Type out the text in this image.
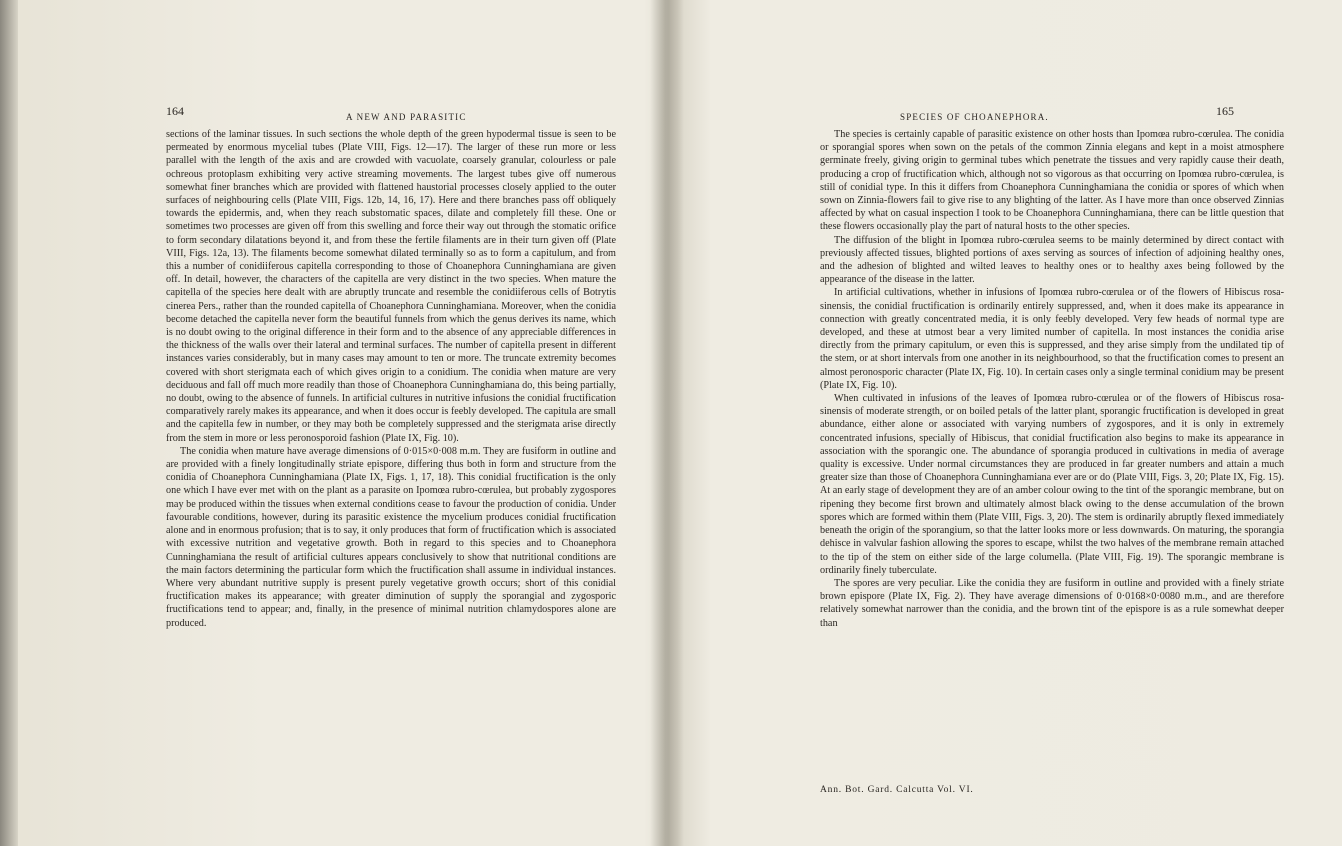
164	A NEW AND PARASITIC

sections of the laminar tissues. In such sections the whole depth of the green hypodermal tissue is seen to be permeated by enormous mycelial tubes (Plate VIII, Figs. 12—17). The larger of these run more or less parallel with the length of the axis and are crowded with vacuolate, coarsely granular, colourless or pale ochreous protoplasm exhibiting very active streaming movements. The largest tubes give off numerous somewhat finer branches which are provided with flattened haustorial processes closely applied to the outer surfaces of neighbouring cells (Plate VIII, Figs. 12b, 14, 16, 17). Here and there branches pass off obliquely towards the epidermis, and, when they reach substomatic spaces, dilate and completely fill these. One or sometimes two processes are given off from this swelling and force their way out through the stomatic orifice to form secondary dilatations beyond it, and from these the fertile filaments are in their turn given off (Plate VIII, Figs. 12a, 13). The filaments become somewhat dilated terminally so as to form a capitulum, and from this a number of conidiiferous capitella corresponding to those of Choanephora Cunninghamiana are given off. In detail, however, the characters of the capitella are very distinct in the two species. When mature the capitella of the species here dealt with are abruptly truncate and resemble the conidiiferous cells of Botrytis cinerea Pers., rather than the rounded capitella of Choanephora Cunninghamiana. Moreover, when the conidia become detached the capitella never form the beautiful funnels from which the genus derives its name, which is no doubt owing to the original difference in their form and to the absence of any appreciable differences in the thickness of the walls over their lateral and terminal surfaces. The number of capitella present in different instances varies considerably, but in many cases may amount to ten or more. The truncate extremity becomes covered with short sterigmata each of which gives origin to a conidium. The conidia when mature are very deciduous and fall off much more readily than those of Choanephora Cunninghamiana do, this being partially, no doubt, owing to the absence of funnels. In artificial cultures in nutritive infusions the conidial fructification comparatively rarely makes its appearance, and when it does occur is feebly developed. The capitula are small and the capitella few in number, or they may both be completely suppressed and the sterigmata arise directly from the stem in more or less peronosporoid fashion (Plate IX, Fig. 10).

The conidia when mature have average dimensions of 0·015×0·008 m.m. They are fusiform in outline and are provided with a finely longitudinally striate epispore, differing thus both in form and structure from the conidia of Choanephora Cunninghamiana (Plate IX, Figs. 1, 17, 18). This conidial fructification is the only one which I have ever met with on the plant as a parasite on Ipomœa rubro-cœrulea, but probably zygospores may be produced within the tissues when external conditions cease to favour the production of conidia. Under favourable conditions, however, during its parasitic existence the mycelium produces conidial fructification alone and in enormous profusion; that is to say, it only produces that form of fructification which is associated with excessive nutrition and vegetative growth. Both in regard to this species and to Choanephora Cunninghamiana the result of artificial cultures appears conclusively to show that nutritional conditions are the main factors determining the particular form which the fructification shall assume in individual instances. Where very abundant nutritive supply is present purely vegetative growth occurs; short of this conidial fructification makes its appearance; with greater diminution of supply the sporangial and zygosporic fructifications tend to appear; and, finally, in the presence of minimal nutrition chlamydospores alone are produced.

165
SPECIES OF CHOANEPHORA.

The species is certainly capable of parasitic existence on other hosts than Ipomœa rubro-cœrulea. The conidia or sporangial spores when sown on the petals of the common Zinnia elegans and kept in a moist atmosphere germinate freely, giving origin to germinal tubes which penetrate the tissues and very rapidly cause their death, producing a crop of fructification which, although not so vigorous as that occurring on Ipomœa rubro-cœrulea, is still of conidial type. In this it differs from Choanephora Cunninghamiana the conidia or spores of which when sown on Zinnia-flowers fail to give rise to any blighting of the latter. As I have more than once observed Zinnias affected by what on casual inspection I took to be Choanephora Cunninghamiana, there can be little question that these flowers occasionally play the part of natural hosts to the other species.

The diffusion of the blight in Ipomœa rubro-cœrulea seems to be mainly determined by direct contact with previously affected tissues, blighted portions of axes serving as sources of infection of adjoining healthy ones, and the adhesion of blighted and wilted leaves to healthy ones or to healthy axes being followed by the appearance of the disease in the latter.

In artificial cultivations, whether in infusions of Ipomœa rubro-cœrulea or of the flowers of Hibiscus rosa-sinensis, the conidial fructification is ordinarily entirely suppressed, and, when it does make its appearance in connection with greatly concentrated media, it is only feebly developed. Very few heads of normal type are developed, and these at utmost bear a very limited number of capitella. In most instances the conidia arise directly from the primary capitulum, or even this is suppressed, and they arise simply from the undilated tip of the stem, or at short intervals from one another in its neighbourhood, so that the fructification comes to present an almost peronosporic character (Plate IX, Fig. 10). In certain cases only a single terminal conidium may be present (Plate IX, Fig. 10).

When cultivated in infusions of the leaves of Ipomœa rubro-cœrulea or of the flowers of Hibiscus rosa-sinensis of moderate strength, or on boiled petals of the latter plant, sporangic fructification is developed in great abundance, either alone or associated with varying numbers of zygospores, and it is only in extremely concentrated infusions, specially of Hibiscus, that conidial fructification also begins to make its appearance in association with the sporangic one. The abundance of sporangia produced in cultivations in media of average quality is excessive. Under normal circumstances they are produced in far greater numbers and attain a much greater size than those of Choanephora Cunninghamiana ever are or do (Plate VIII, Figs. 3, 20; Plate IX, Fig. 15). At an early stage of development they are of an amber colour owing to the tint of the sporangic membrane, but on ripening they become first brown and ultimately almost black owing to the dense accumulation of the brown spores which are formed within them (Plate VIII, Figs. 3, 20). The stem is ordinarily abruptly flexed immediately beneath the origin of the sporangium, so that the latter looks more or less downwards. On maturing, the sporangia dehisce in valvular fashion allowing the spores to escape, whilst the two halves of the membrane remain attached to the tip of the stem on either side of the large columella. (Plate VIII, Fig. 19). The sporangic membrane is ordinarily finely tuberculate.

The spores are very peculiar. Like the conidia they are fusiform in outline and provided with a finely striate brown epispore (Plate IX, Fig. 2). They have average dimensions of 0·0168×0·0080 m.m., and are therefore relatively somewhat narrower than the conidia, and the brown tint of the epispore is as a rule somewhat deeper than

Ann. Bot. Gard. Calcutta Vol. VI.
